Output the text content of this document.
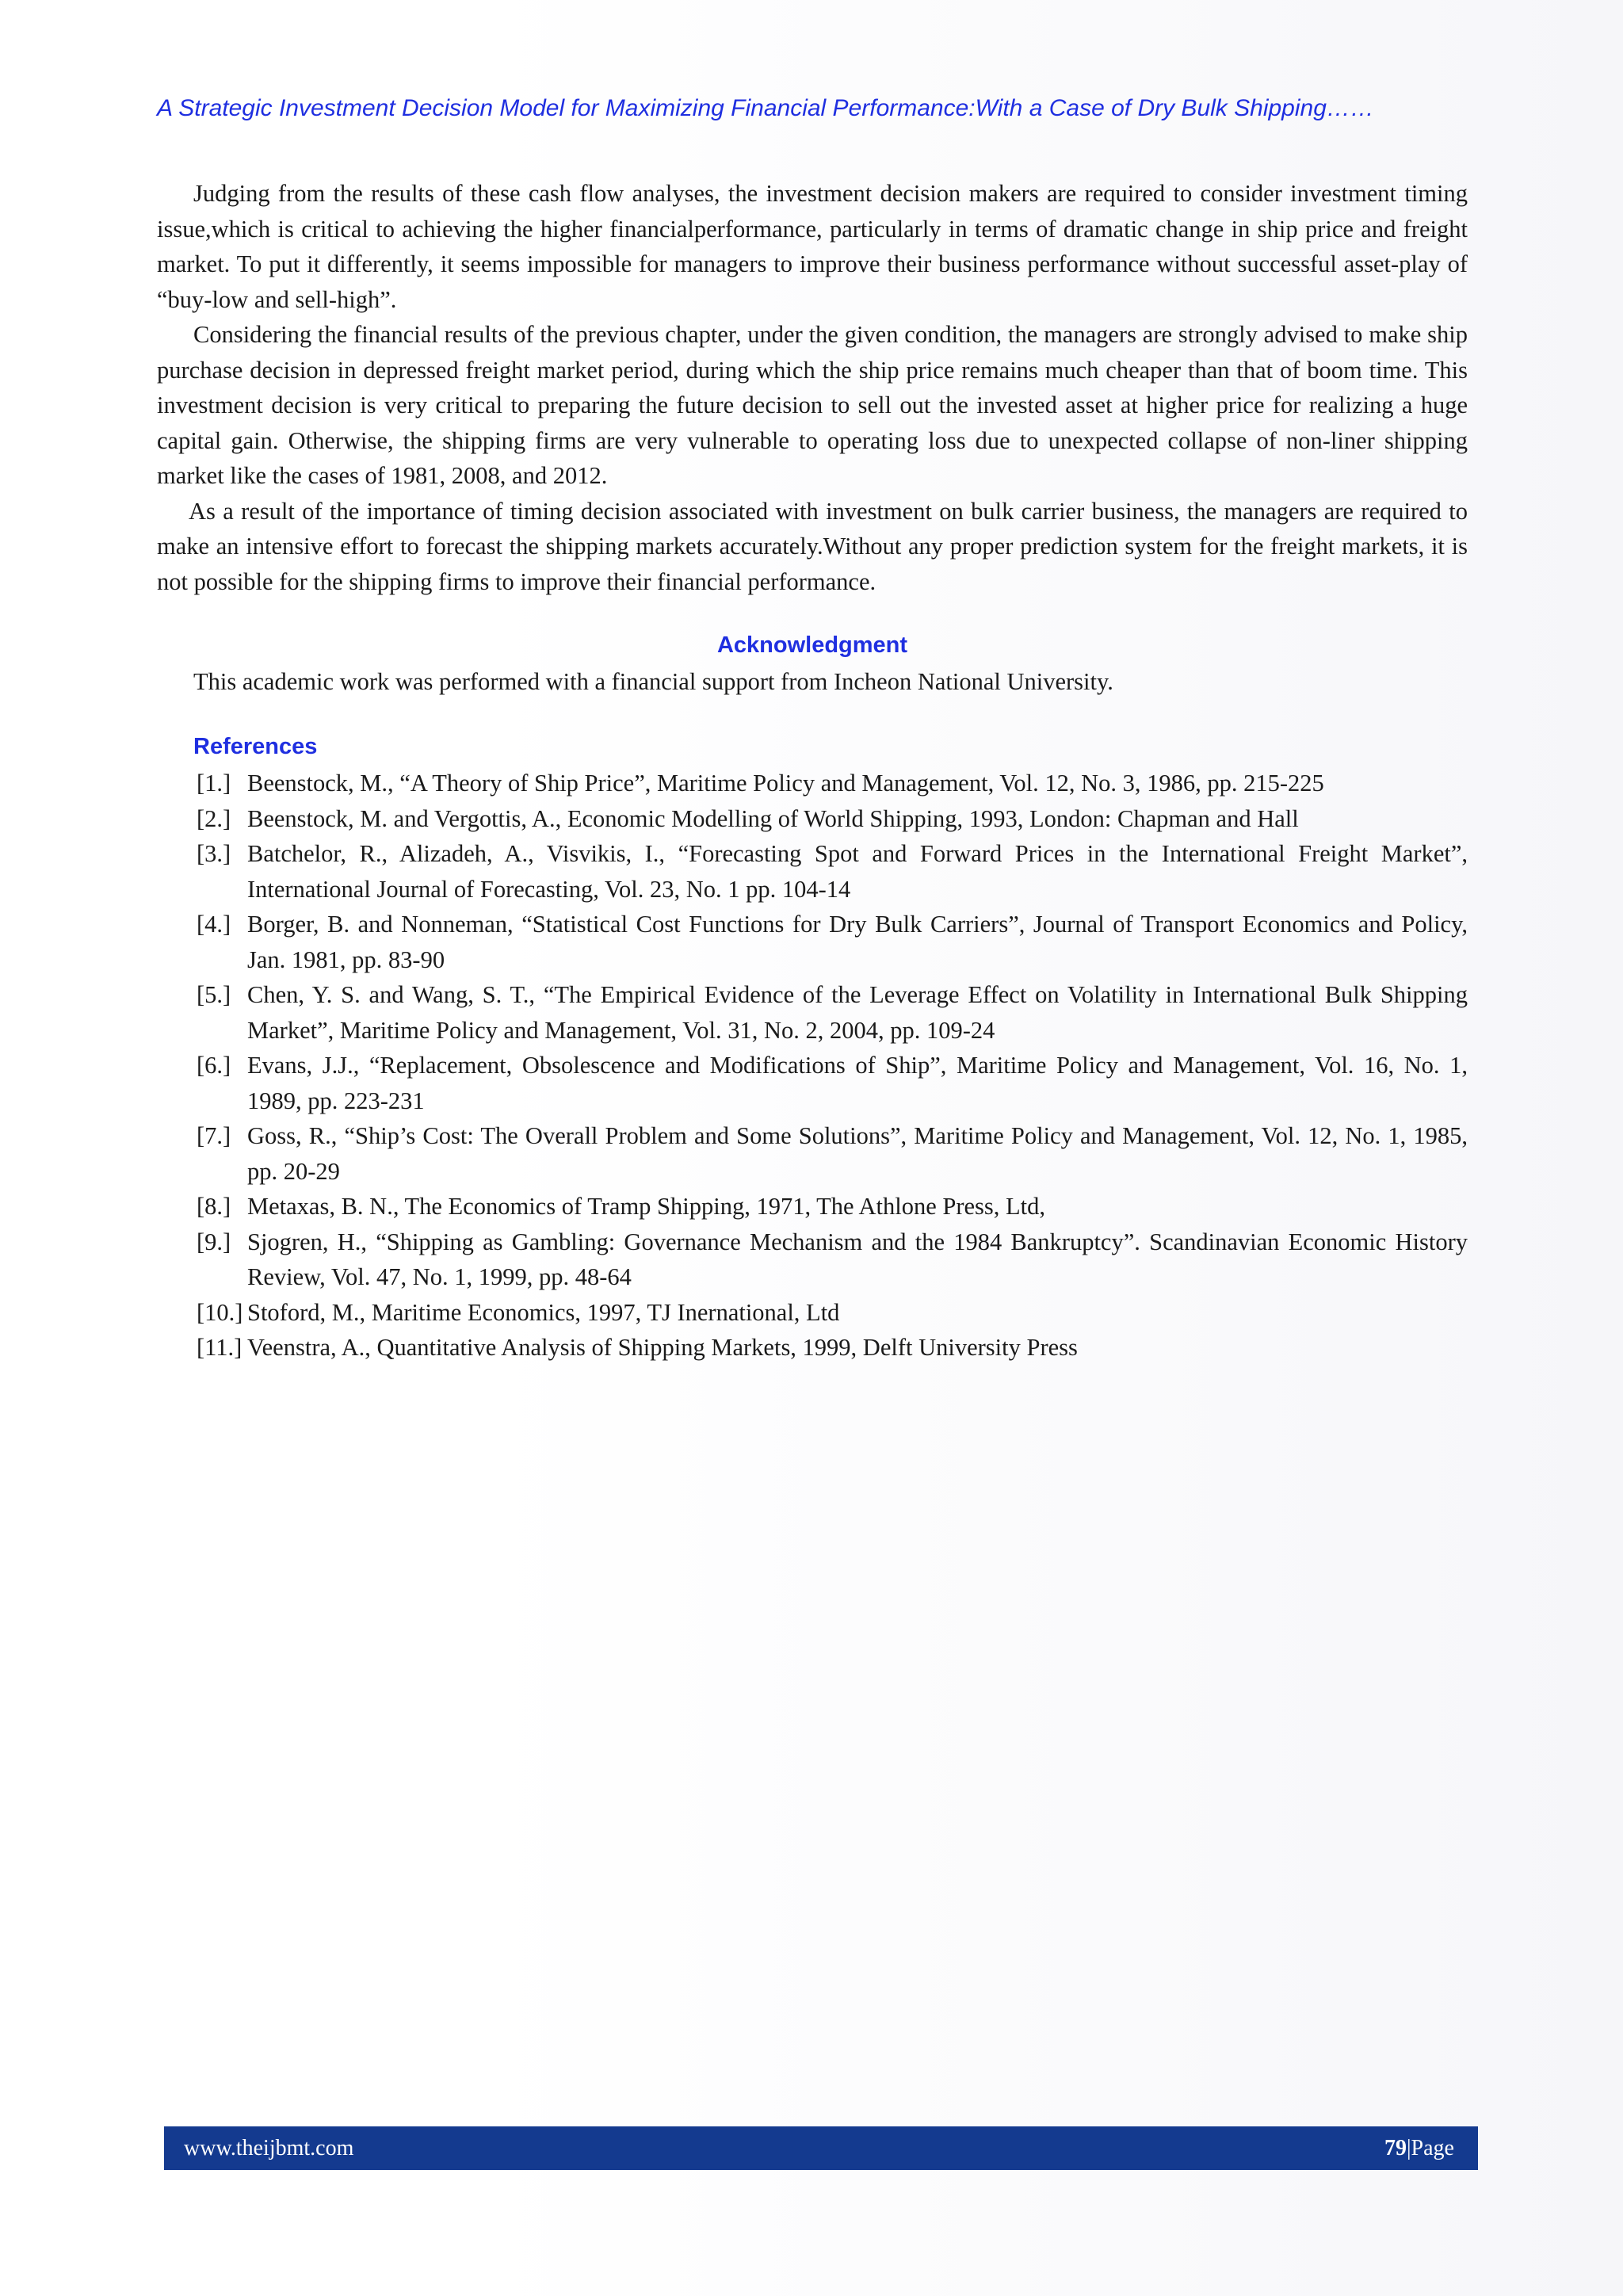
A Strategic Investment Decision Model for Maximizing Financial Performance:With a Case of Dry Bulk Shipping……

Judging from the results of these cash flow analyses, the investment decision makers are required to consider investment timing issue,which is critical to achieving the higher financialperformance, particularly in terms of dramatic change in ship price and freight market. To put it differently, it seems impossible for managers to improve their business performance without successful asset-play of “buy-low and sell-high”.

Considering the financial results of the previous chapter, under the given condition, the managers are strongly advised to make ship purchase decision in depressed freight market period, during which the ship price remains much cheaper than that of boom time. This investment decision is very critical to preparing the future decision to sell out the invested asset at higher price for realizing a huge capital gain. Otherwise, the shipping firms are very vulnerable to operating loss due to unexpected collapse of non-liner shipping market like the cases of 1981, 2008, and 2012.

As a result of the importance of timing decision associated with investment on bulk carrier business, the managers are required to make an intensive effort to forecast the shipping markets accurately.Without any proper prediction system for the freight markets, it is not possible for the shipping firms to improve their financial performance.

Acknowledgment
This academic work was performed with a financial support from Incheon National University.
References
[1.] Beenstock, M., “A Theory of Ship Price”, Maritime Policy and Management, Vol. 12, No. 3, 1986, pp. 215-225
[2.] Beenstock, M. and Vergottis, A., Economic Modelling of World Shipping, 1993, London: Chapman and Hall
[3.] Batchelor, R., Alizadeh, A., Visvikis, I., “Forecasting Spot and Forward Prices in the International Freight Market”, International Journal of Forecasting, Vol. 23, No. 1 pp. 104-14
[4.] Borger, B. and Nonneman, “Statistical Cost Functions for Dry Bulk Carriers”, Journal of Transport Economics and Policy, Jan. 1981, pp. 83-90
[5.] Chen, Y. S. and Wang, S. T., “The Empirical Evidence of the Leverage Effect on Volatility in International Bulk Shipping Market”, Maritime Policy and Management, Vol. 31, No. 2, 2004, pp. 109-24
[6.] Evans, J.J., “Replacement, Obsolescence and Modifications of Ship”, Maritime Policy and Management, Vol. 16, No. 1, 1989, pp. 223-231
[7.] Goss, R., “Ship’s Cost: The Overall Problem and Some Solutions”, Maritime Policy and Management, Vol. 12, No. 1, 1985, pp. 20-29
[8.] Metaxas, B. N., The Economics of Tramp Shipping, 1971, The Athlone Press, Ltd,
[9.] Sjogren, H., “Shipping as Gambling: Governance Mechanism and the 1984 Bankruptcy”. Scandinavian Economic History Review, Vol. 47, No. 1, 1999, pp. 48-64
[10.] Stoford, M., Maritime Economics, 1997, TJ Inernational, Ltd
[11.] Veenstra, A., Quantitative Analysis of Shipping Markets, 1999, Delft University Press
www.theijbmt.com	79|Page
